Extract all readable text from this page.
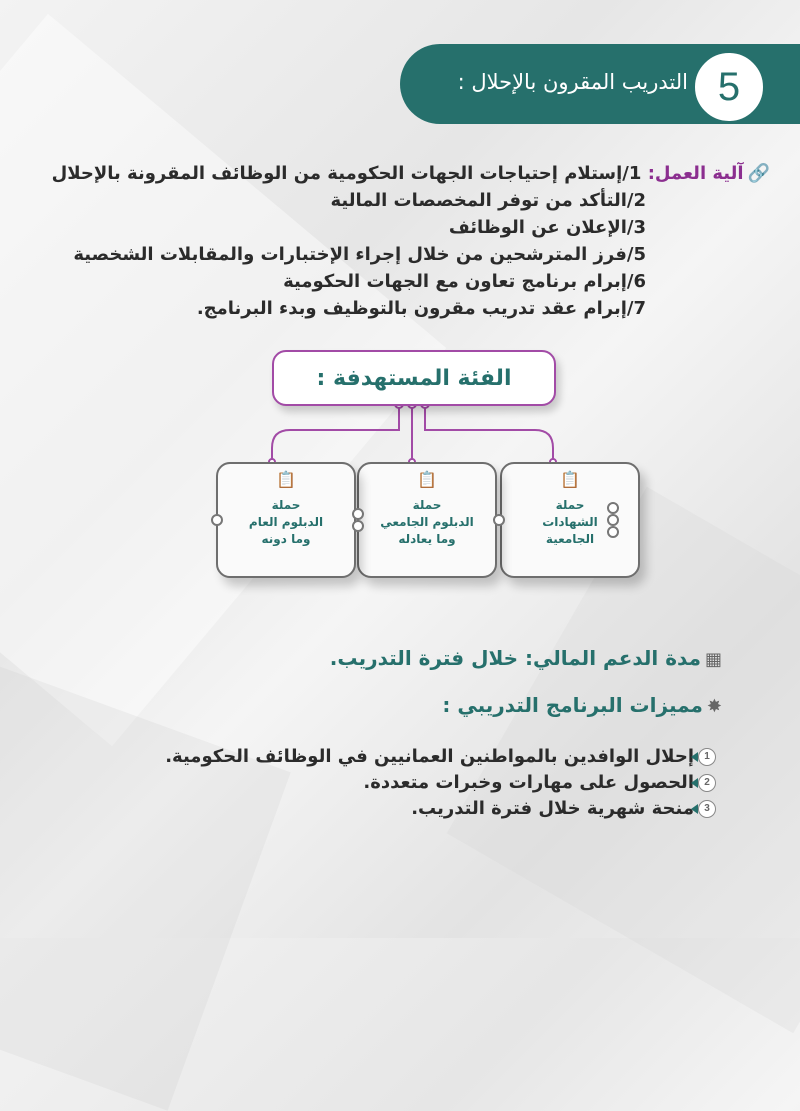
التدريب المقرون بالإحلال : 5
🔗آلية العمل: 1/إستلام إحتياجات الجهات الحكومية من الوظائف المقرونة بالإحلال
2/التأكد من توفر المخصصات المالية
3/الإعلان عن الوظائف
5/فرز المترشحين من خلال إجراء الإختبارات والمقابلات الشخصية
6/إبرام برنامج تعاون مع الجهات الحكومية
7/إبرام عقد تدريب مقرون بالتوظيف وبدء البرنامج.
الفئة المستهدفة :
📋
حملة
الشهادات
الجامعية
📋
حملة
الدبلوم الجامعي
وما يعادله
📋
حملة
الدبلوم العام
وما دونه
▦مدة الدعم المالي: خلال فترة التدريب.
✸مميزات البرنامج التدريبي :
1إحلال الوافدين بالمواطنين العمانيين في الوظائف الحكومية.
2الحصول على مهارات وخبرات متعددة.
3منحة شهرية خلال فترة التدريب.
